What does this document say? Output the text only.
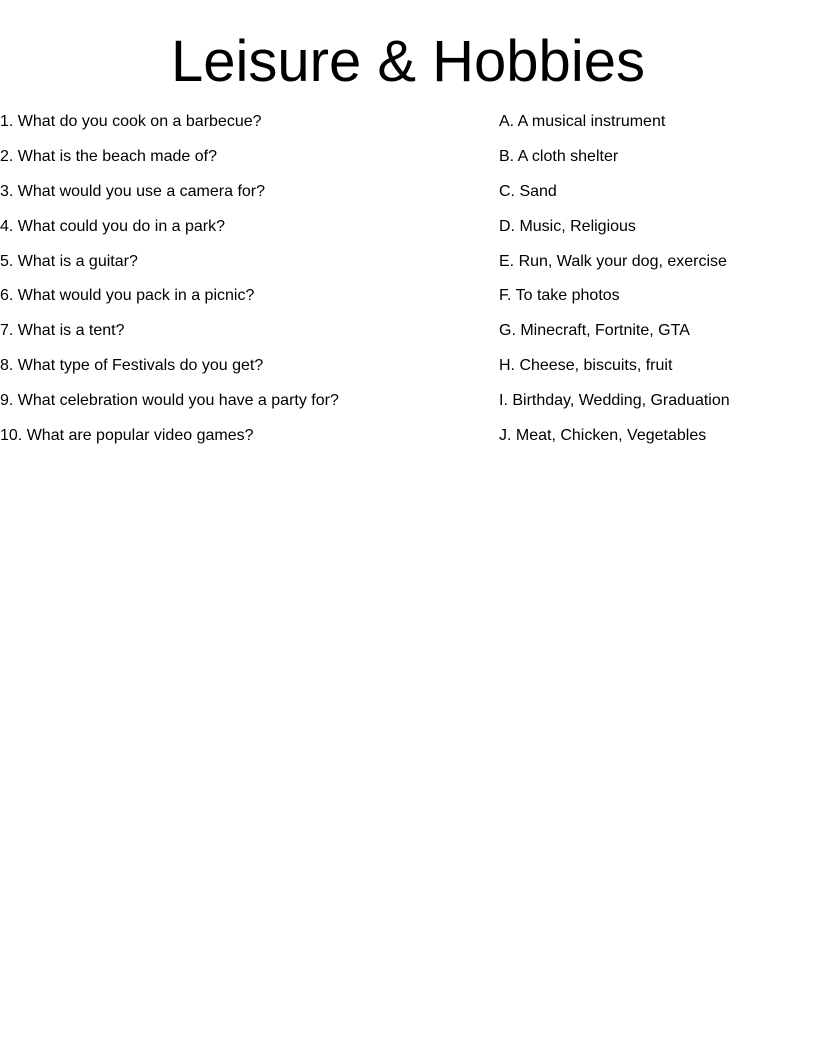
Leisure & Hobbies
1. What do you cook on a barbecue?
2. What is the beach made of?
3. What would you use a camera for?
4. What could you do in a park?
5. What is a guitar?
6. What would you pack in a picnic?
7. What is a tent?
8. What type of Festivals do you get?
9. What celebration would you have a party for?
10. What are popular video games?
A. A musical instrument
B. A cloth shelter
C. Sand
D. Music, Religious
E. Run, Walk your dog, exercise
F. To take photos
G. Minecraft, Fortnite, GTA
H. Cheese, biscuits, fruit
I. Birthday, Wedding, Graduation
J. Meat, Chicken, Vegetables
